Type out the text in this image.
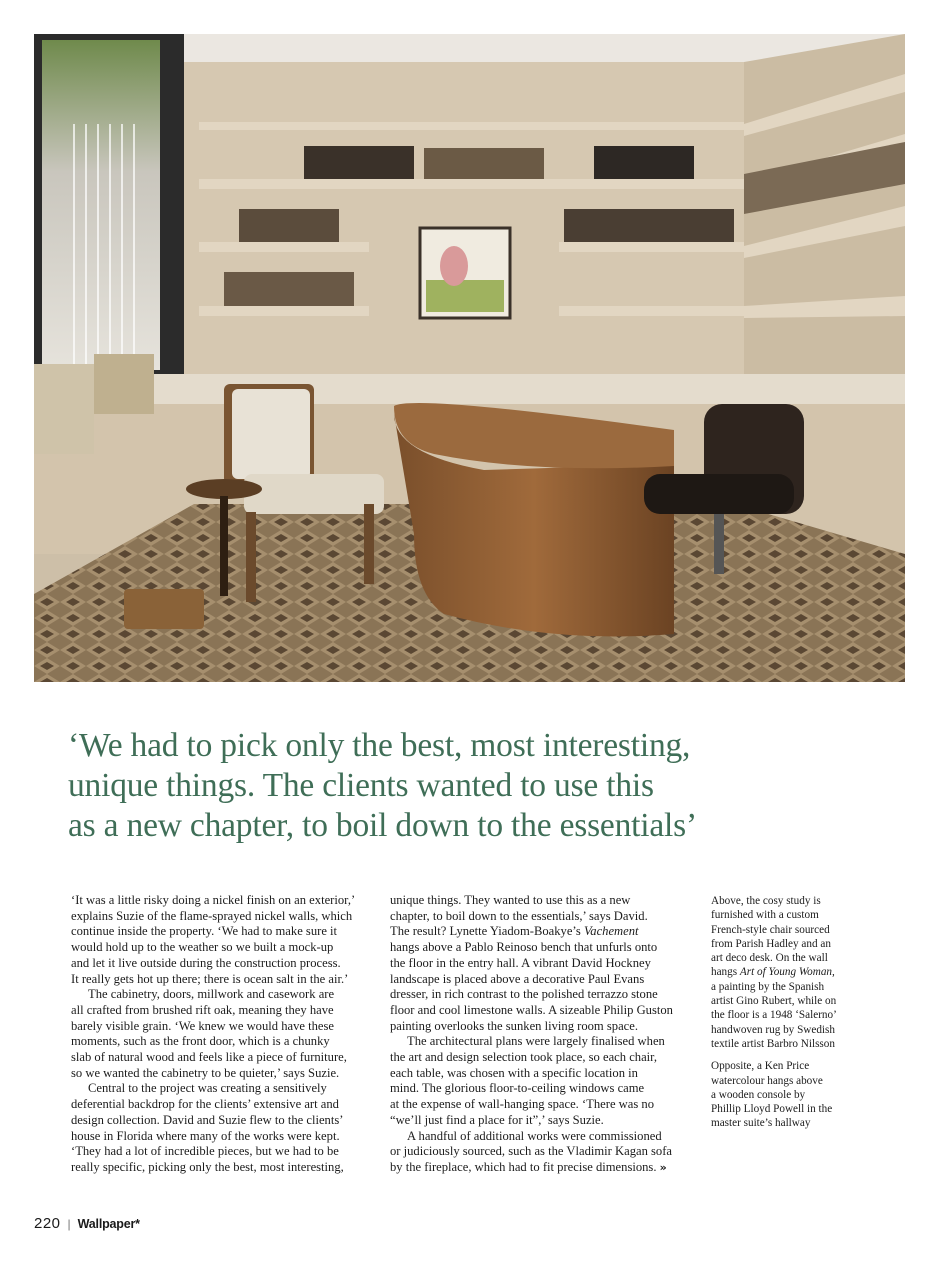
‘We had to pick only the best, most interesting,
unique things. The clients wanted to use this
as a new chapter, to boil down to the essentials’

‘It was a little risky doing a nickel finish on an exterior,’
explains Suzie of the flame-sprayed nickel walls, which
continue inside the property. ‘We had to make sure it
would hold up to the weather so we built a mock-up
and let it live outside during the construction process.
It really gets hot up there; there is ocean salt in the air.’

The cabinetry, doors, millwork and casework are
all crafted from brushed rift oak, meaning they have
barely visible grain. ‘We knew we would have these
moments, such as the front door, which is a chunky
slab of natural wood and feels like a piece of furniture,
so we wanted the cabinetry to be quieter,’ says Suzie.

Central to the project was creating a sensitively
deferential backdrop for the clients’ extensive art and
design collection. David and Suzie flew to the clients’
house in Florida where many of the works were kept.
‘They had a lot of incredible pieces, but we had to be
really specific, picking only the best, most interesting,

unique things. They wanted to use this as a new
chapter, to boil down to the essentials,’ says David.
The result? Lynette Yiadom-Boakye’s Vachement
hangs above a Pablo Reinoso bench that unfurls onto
the floor in the entry hall. A vibrant David Hockney
landscape is placed above a decorative Paul Evans
dresser, in rich contrast to the polished terrazzo stone
floor and cool limestone walls. A sizeable Philip Guston
painting overlooks the sunken living room space.

The architectural plans were largely finalised when
the art and design selection took place, so each chair,
each table, was chosen with a specific location in
mind. The glorious floor-to-ceiling windows came
at the expense of wall-hanging space. ‘There was no
“we’ll just find a place for it”,’ says Suzie.

A handful of additional works were commissioned
or judiciously sourced, such as the Vladimir Kagan sofa
by the fireplace, which had to fit precise dimensions. »

Above, the cosy study is
furnished with a custom
French-style chair sourced
from Parish Hadley and an
art deco desk. On the wall
hangs Art of Young Woman,
a painting by the Spanish
artist Gino Rubert, while on
the floor is a 1948 ‘Salerno’
handwoven rug by Swedish
textile artist Barbro Nilsson

Opposite, a Ken Price
watercolour hangs above
a wooden console by
Phillip Lloyd Powell in the
master suite’s hallway

220 | Wallpaper*
